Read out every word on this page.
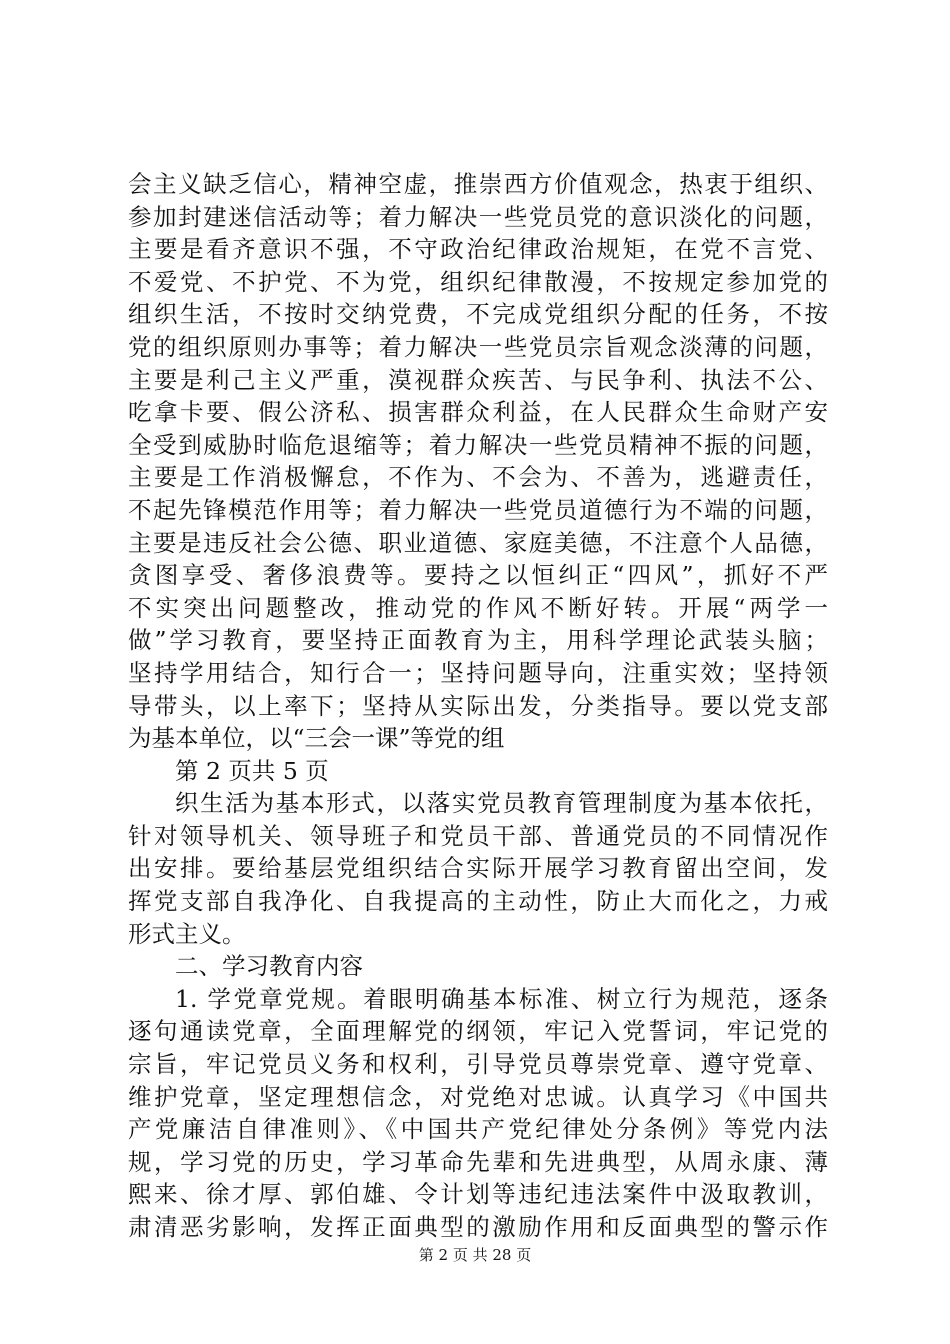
会主义缺乏信心，精神空虚，推崇西方价值观念，热衷于组织、
参加封建迷信活动等；着力解决一些党员党的意识淡化的问题，
主要是看齐意识不强，不守政治纪律政治规矩，在党不言党、
不爱党、不护党、不为党，组织纪律散漫，不按规定参加党的
组织生活，不按时交纳党费，不完成党组织分配的任务，不按
党的组织原则办事等；着力解决一些党员宗旨观念淡薄的问题，
主要是利己主义严重，漠视群众疾苦、与民争利、执法不公、
吃拿卡要、假公济私、损害群众利益，在人民群众生命财产安
全受到威胁时临危退缩等；着力解决一些党员精神不振的问题，
主要是工作消极懈怠，不作为、不会为、不善为，逃避责任，
不起先锋模范作用等；着力解决一些党员道德行为不端的问题，
主要是违反社会公德、职业道德、家庭美德，不注意个人品德，
贪图享受、奢侈浪费等。要持之以恒纠正“四风”，抓好不严
不实突出问题整改，推动党的作风不断好转。开展“两学一
做”学习教育，要坚持正面教育为主，用科学理论武装头脑；
坚持学用结合，知行合一；坚持问题导向，注重实效；坚持领
导带头，以上率下；坚持从实际出发，分类指导。要以党支部
为基本单位，以“三会一课”等党的组
第 2 页共 5 页
织生活为基本形式，以落实党员教育管理制度为基本依托，
针对领导机关、领导班子和党员干部、普通党员的不同情况作
出安排。要给基层党组织结合实际开展学习教育留出空间，发
挥党支部自我净化、自我提高的主动性，防止大而化之，力戒
形式主义。
二、学习教育内容
1. 学党章党规。着眼明确基本标准、树立行为规范，逐条
逐句通读党章，全面理解党的纲领，牢记入党誓词，牢记党的
宗旨，牢记党员义务和权利，引导党员尊崇党章、遵守党章、
维护党章，坚定理想信念，对党绝对忠诚。认真学习《中国共
产党廉洁自律准则》、《中国共产党纪律处分条例》等党内法
规，学习党的历史，学习革命先辈和先进典型，从周永康、薄
熙来、徐才厚、郭伯雄、令计划等违纪违法案件中汲取教训，
肃清恶劣影响，发挥正面典型的激励作用和反面典型的警示作
第 2 页 共 28 页
